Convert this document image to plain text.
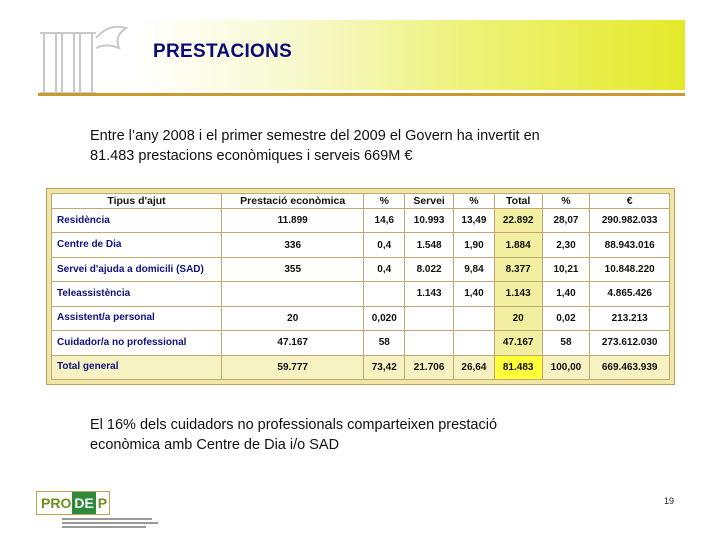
PRESTACIONS
Entre l’any 2008 i el primer semestre del 2009 el Govern ha invertit en
81.483 prestacions econòmiques i serveis 669M €
Tipus d'ajut	Prestació econòmica	%	Servei	%	Total	%	€
Residència	11.899	14,6	10.993	13,49	22.892	28,07	290.982.033
Centre de Dia	336	0,4	1.548	1,90	1.884	2,30	88.943.016
Servei d'ajuda a domicili (SAD)	355	0,4	8.022	9,84	8.377	10,21	10.848.220
Teleassistència			1.143	1,40	1.143	1,40	4.865.426
Assistent/a personal	20	0,020			20	0,02	213.213
Cuidador/a no professional	47.167	58			47.167	58	273.612.030
Total general	59.777	73,42	21.706	26,64	81.483	100,00	669.463.939
El 16% dels cuidadors no professionals comparteixen prestació
econòmica amb Centre de Dia i/o SAD
PRO DE P	19
